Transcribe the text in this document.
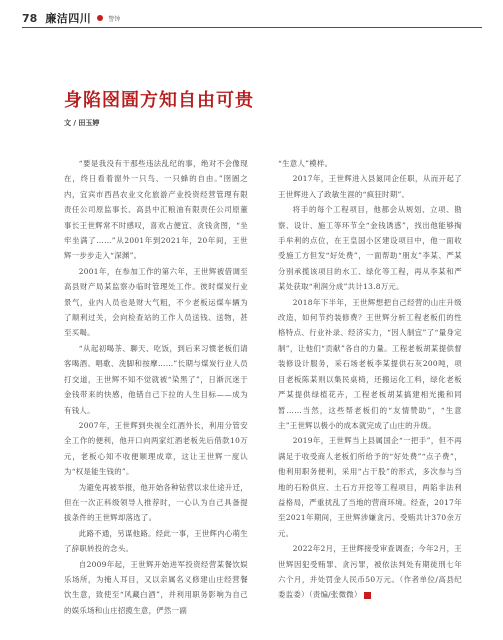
78 廉洁四川	警钟
身陷囹圄方知自由可贵
文 / 田玉婷

“要是我没有干那些违法乱纪的事，绝对不会像现在，终日看着窗外一只鸟、一只蜂的自由。”囹圄之内，宜宾市西昌农业文化旅游产业投资经营管理有限责任公司原监事长、高县中汇粮油有限责任公司原董事长王世辉常不时感叹，喜欢占便宜、贪钱贪图，“坐牢坐满了……”从2001年到2021年，20年间，王世辉一步步走入“深渊”。

2001年，在参加工作的第六年，王世辉被借调至高县财产局某监察办临时管理处工作。彼时煤炭行业景气，业内人员也是财大气粗，不少老板运煤车辆为了顺利过关，会向检查站的工作人员送钱、送物，甚至买喝。

“从起初喝茶、聊天、吃饭，到后来习惯老板们请客喝酒、唱歌、洗脚和按摩……”长期与煤炭行业人员打交道，王世辉不知不觉就被“染黑了”，日渐沉迷于金钱带来的快感，他错自己下拉的人生目标——成为有钱人。

2007年，王世辉到央视全红酒外长，利用分管安全工作的便利，他开口向两家红酒老板先后借款10万元，老板心知不收便顺理成章，这让王世辉一度认为“权是能生钱的”。

为避免再被举报，他开始各种钻营以求仕途升迁，但在一次正科级领导人推荐时，一心认为自己具备提拔条件的王世辉却落选了。

此路不通，另谋他路。经此一事，王世辉内心萌生了辞职转投的念头。

自2009年起，王世辉开始进军投资经营某餐饮娱乐场所，为掩人耳目，又以亲属名义修建山庄经营餐饮生意，致使至“风藏白酒”，并利用职务影响为自己的娱乐场和山庄招揽生意，俨然一副

“生意人”模样。

2017年，王世辉进入县氮同企任职，从而开起了王世辉进入了政敏生涯的“疯狂时期”。

将手的每个工程项目，他都会从规划、立项、勘察、设计、施工等环节全“金钱诱惑”，找出他能够掏手牟利的点位，在王皇国小区建设项目中，他一面收受施工方但发“好处费”，一面帮助“朋友”李某、严某分别承揽该项目的水工、绿化等工程，再从李某和严某处获取“利润分成”共计13.8万元。

2018年下半年，王世辉想把自己经营的山庄升级改造，如何节约装修费？王世辉分析工程老板们的性格特点、行业补录、经济实力，“因人制宜”了“量身定制”，让他们“贡献”各自的力量。工程老板胡某提供督装修设计服务，采石场老板李某提供石灰200吨，项目老板陈某则以集民桌椅，还搬运化工料，绿化老板严某提供绿植花卉，工程老板胡某搞建相光搬和同暂……当然，这些帮老板们的“友情赞助”，“生意主”王世辉以极小的成本就完成了山庄的升级。

2019年，王世辉当上县属国企“一把手”，但不再满足于收受商人老板们所给予的“好处费”“点子费”，他利用职务便利，采用“占干股”的形式，多次参与当地的石粉供应、土石方开挖等工程项目，两陷非法利益格局，严重扰乱了当地的营商环境。经查，2017年至2021年期间，王世辉涉嫌贪污、受贿共计370余万元。

2022年2月，王世辉接受审查调查；今年2月，王世辉因犯受贿罪、贪污罪，被依法判处有期徒刑七年六个月，并处罚金人民币50万元。（作者单位/高县纪委监委）（责编/张微微）
